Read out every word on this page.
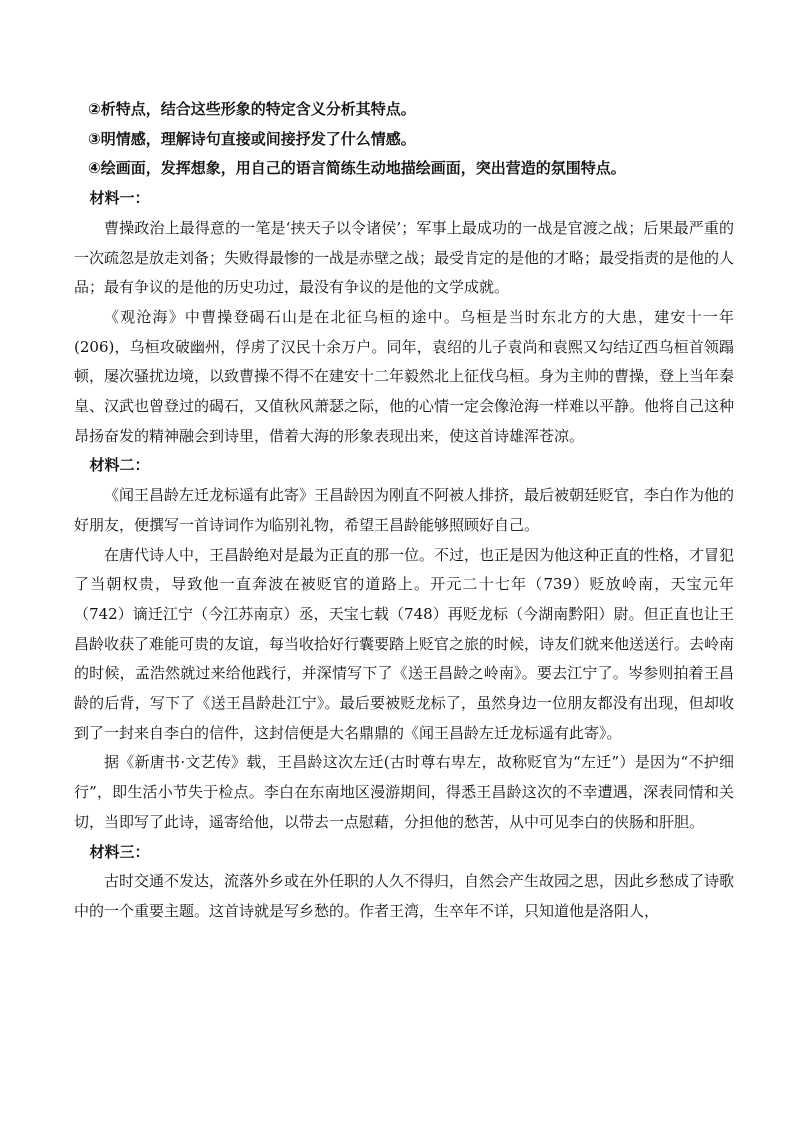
②析特点，结合这些形象的特定含义分析其特点。

③明情感，理解诗句直接或间接抒发了什么情感。

④绘画面，发挥想象，用自己的语言简练生动地描绘画面，突出营造的氛围特点。

材料一：

曹操政治上最得意的一笔是‘挟天子以令诸侯’；军事上最成功的一战是官渡之战；后果最严重的一次疏忽是放走刘备；失败得最惨的一战是赤壁之战；最受肯定的是他的才略；最受指责的是他的人品；最有争议的是他的历史功过，最没有争议的是他的文学成就。

《观沧海》中曹操登碣石山是在北征乌桓的途中。乌桓是当时东北方的大患，建安十一年(206)，乌桓攻破幽州，俘虏了汉民十余万户。同年，袁绍的儿子袁尚和袁熙又勾结辽西乌桓首领蹋顿，屡次骚扰边境，以致曹操不得不在建安十二年毅然北上征伐乌桓。身为主帅的曹操，登上当年秦皇、汉武也曾登过的碣石，又值秋风萧瑟之际，他的心情一定会像沧海一样难以平静。他将自己这种昂扬奋发的精神融会到诗里，借着大海的形象表现出来，使这首诗雄浑苍凉。

材料二：

《闻王昌龄左迁龙标遥有此寄》王昌龄因为刚直不阿被人排挤，最后被朝廷贬官，李白作为他的好朋友，便撰写一首诗词作为临别礼物，希望王昌龄能够照顾好自己。

在唐代诗人中，王昌龄绝对是最为正直的那一位。不过，也正是因为他这种正直的性格，才冒犯了当朝权贵，导致他一直奔波在被贬官的道路上。开元二十七年（739）贬放岭南，天宝元年（742）谪迁江宁（今江苏南京）丞，天宝七载（748）再贬龙标（今湖南黔阳）尉。但正直也让王昌龄收获了难能可贵的友谊，每当收拾好行囊要踏上贬官之旅的时候，诗友们就来他送送行。去岭南的时候，孟浩然就过来给他践行，并深情写下了《送王昌龄之岭南》。要去江宁了。岑参则拍着王昌龄的后背，写下了《送王昌龄赴江宁》。最后要被贬龙标了，虽然身边一位朋友都没有出现，但却收到了一封来自李白的信件，这封信便是大名鼎鼎的《闻王昌龄左迁龙标遥有此寄》。

据《新唐书·文艺传》载，王昌龄这次左迁(古时尊右卑左，故称贬官为“左迁”）是因为“不护细行”，即生活小节失于检点。李白在东南地区漫游期间，得悉王昌龄这次的不幸遭遇，深表同情和关切，当即写了此诗，遥寄给他，以带去一点慰藉，分担他的愁苦，从中可见李白的侠肠和肝胆。

材料三：

古时交通不发达，流落外乡或在外任职的人久不得归，自然会产生故园之思，因此乡愁成了诗歌中的一个重要主题。这首诗就是写乡愁的。作者王湾，生卒年不详，只知道他是洛阳人，
